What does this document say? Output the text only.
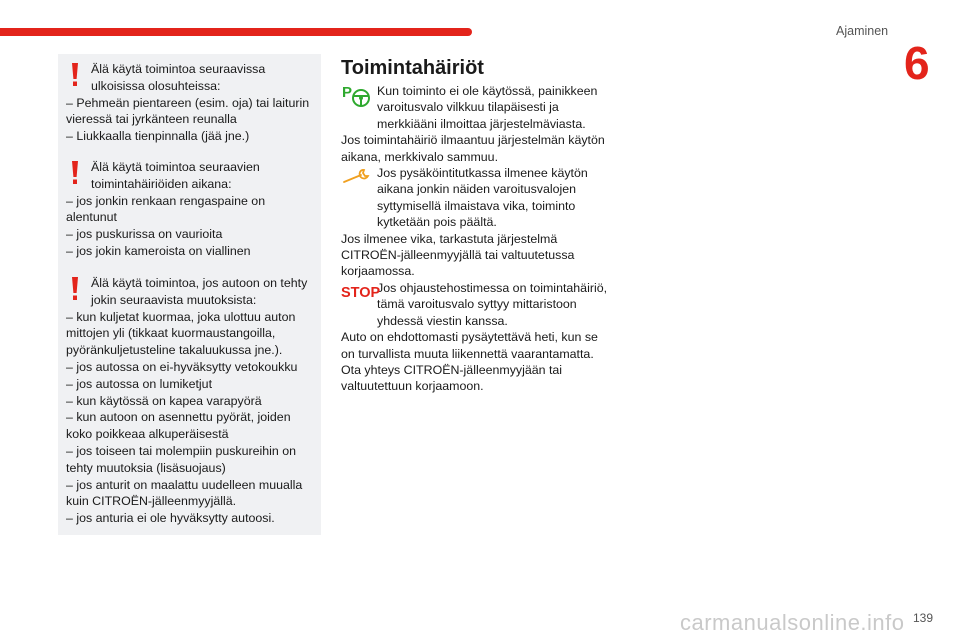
Ajaminen
6

Älä käytä toimintoa seuraavissa ulkoisissa olosuhteissa:

– Pehmeän pientareen (esim. oja) tai laiturin vieressä tai jyrkänteen reunalla

– Liukkaalla tienpinnalla (jää jne.)

Älä käytä toimintoa seuraavien toimintahäiriöiden aikana:

– jos jonkin renkaan rengaspaine on alentunut

– jos puskurissa on vaurioita

– jos jokin kameroista on viallinen

Älä käytä toimintoa, jos autoon on tehty jokin seuraavista muutoksista:

– kun kuljetat kuormaa, joka ulottuu auton mittojen yli (tikkaat kuormaustangoilla, pyöränkuljetusteline takaluukussa jne.).

– jos autossa on ei-hyväksytty vetokoukku

– jos autossa on lumiketjut

– kun käytössä on kapea varapyörä

– kun autoon on asennettu pyörät, joiden koko poikkeaa alkuperäisestä

– jos toiseen tai molempiin puskureihin on tehty muutoksia (lisäsuojaus)

– jos anturit on maalattu uudelleen muualla kuin CITROËN-jälleenmyyjällä.

– jos anturia ei ole hyväksytty autoosi.

Toimintahäiriöt
P	Kun toiminto ei ole käytössä, painikkeen varoitusvalo vilkkuu tilapäisesti ja merkkiääni ilmoittaa järjestelmäviasta.

Jos toimintahäiriö ilmaantuu järjestelmän käytön aikana, merkkivalo sammuu.

Jos pysäköintitutkassa ilmenee käytön aikana jonkin näiden varoitusvalojen syttymisellä ilmaistava vika, toiminto kytketään pois päältä.

Jos ilmenee vika, tarkastuta järjestelmä CITROËN-jälleenmyyjällä tai valtuutetussa korjaamossa.

STOP

Jos ohjaustehostimessa on toimintahäiriö, tämä varoitusvalo syttyy mittaristoon yhdessä viestin kanssa.

Auto on ehdottomasti pysäytettävä heti, kun se on turvallista muuta liikennettä vaarantamatta.

Ota yhteys CITROËN-jälleenmyyjään tai valtuutettuun korjaamoon.

carmanualsonline.info 139
